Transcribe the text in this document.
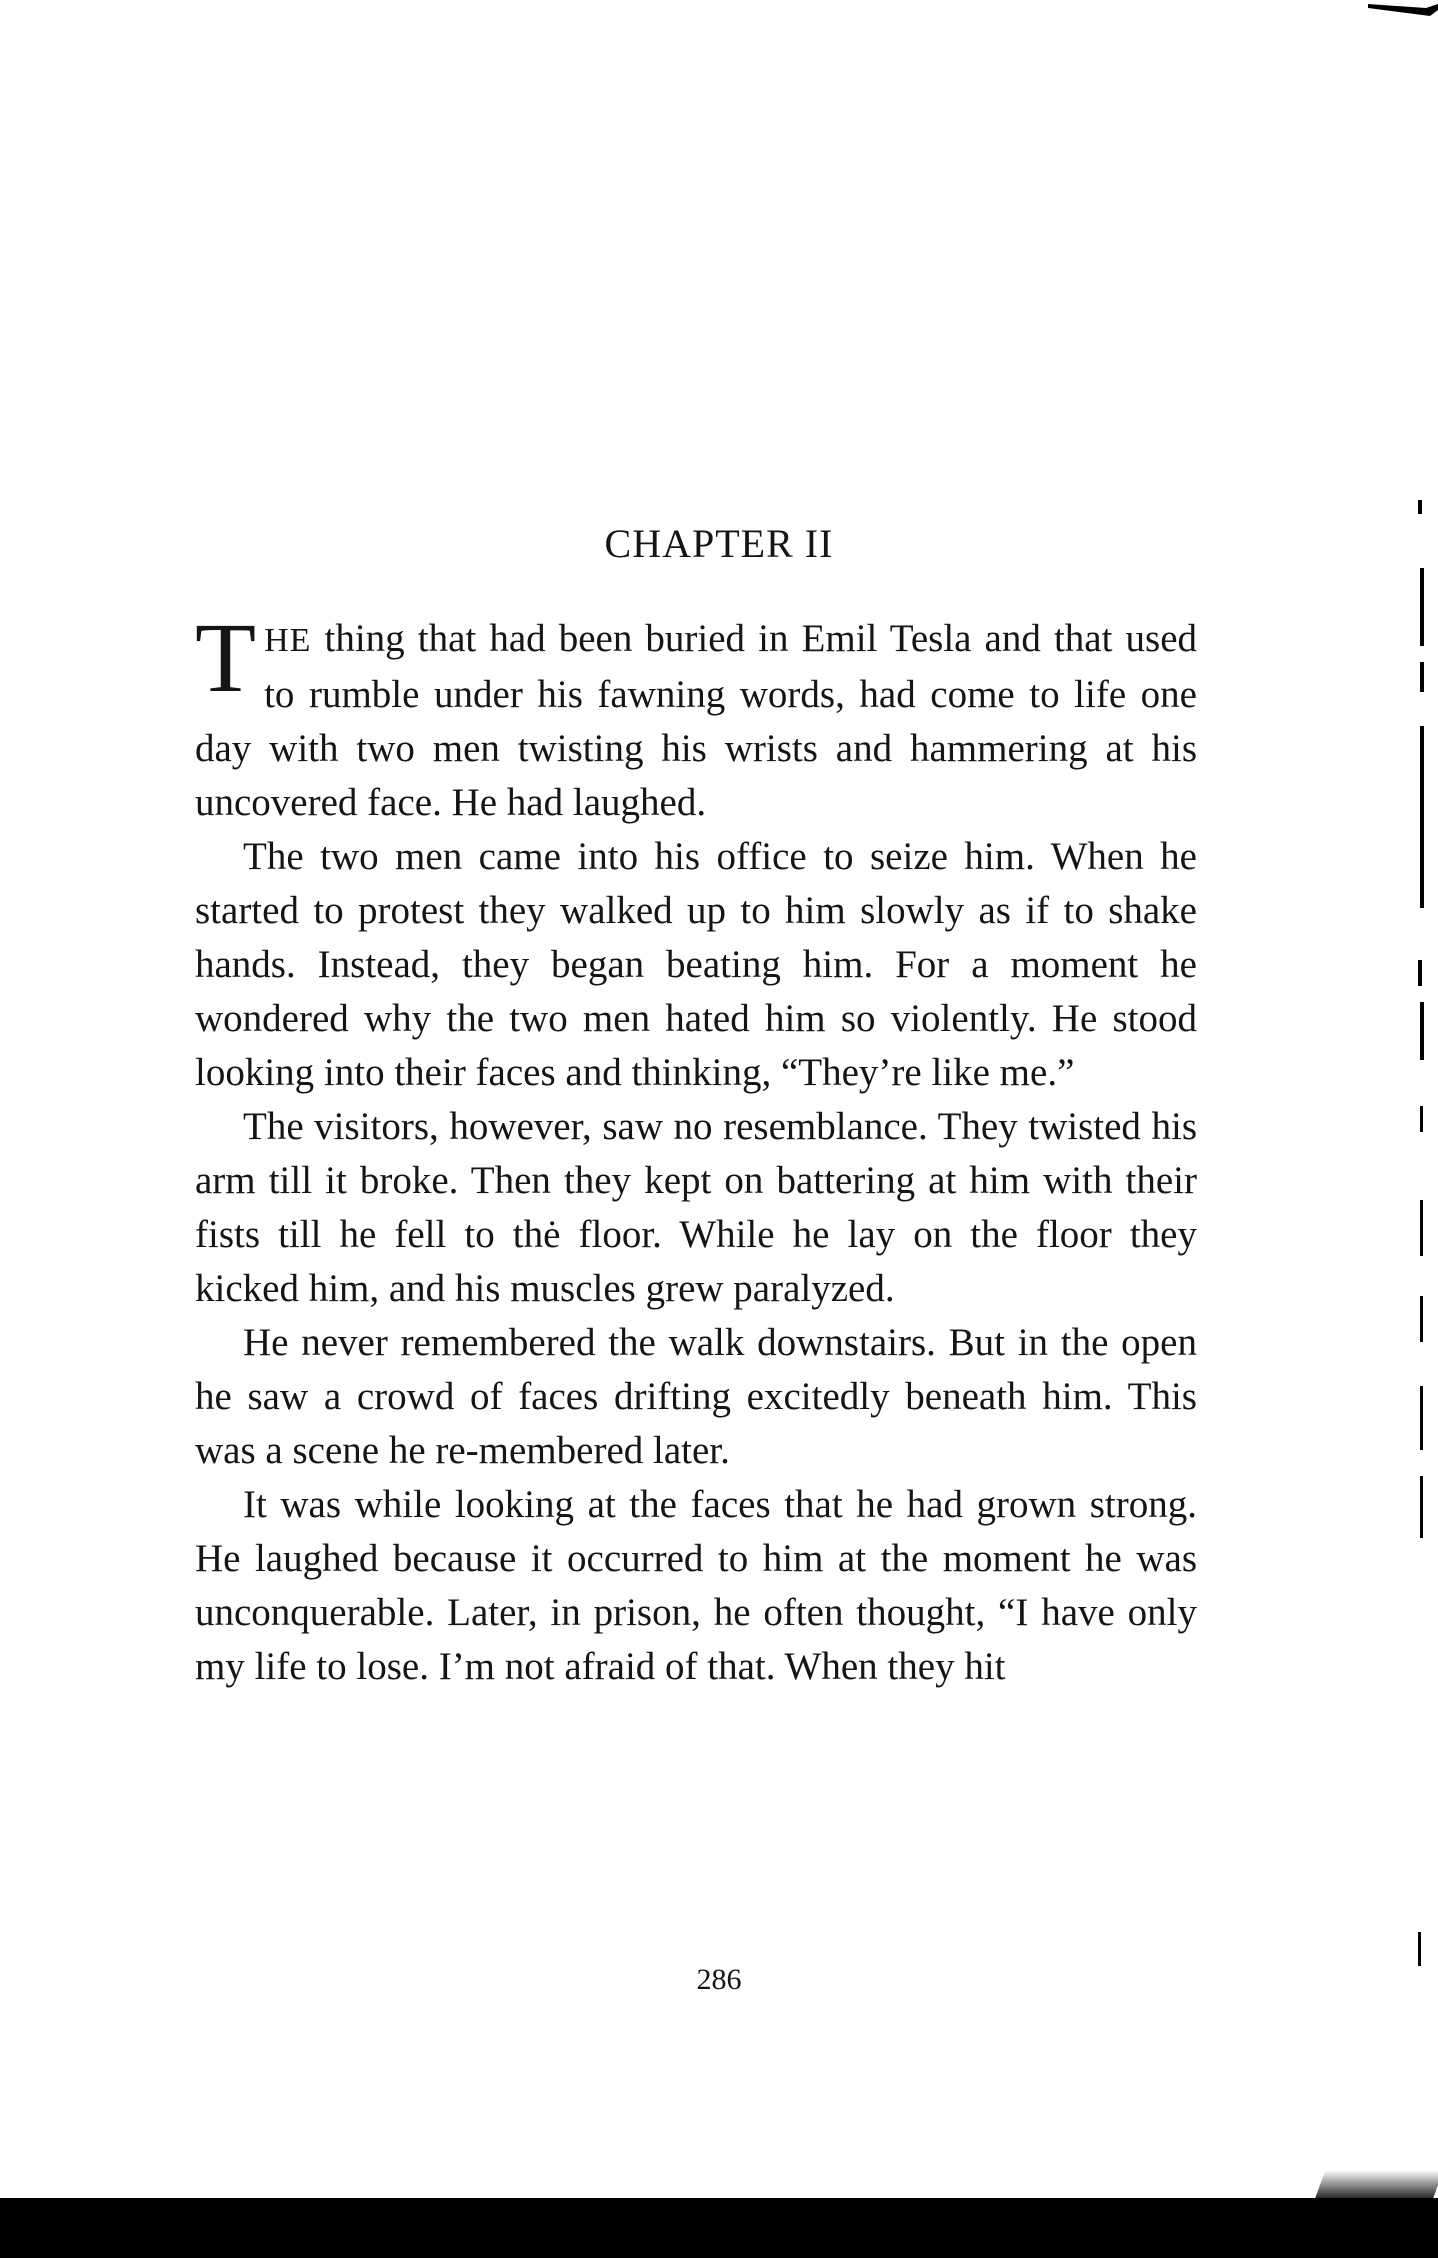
CHAPTER II

THE thing that had been buried in Emil Tesla and that used to rumble under his fawning words, had come to life one day with two men twisting his wrists and hammering at his uncovered face. He had laughed.

The two men came into his office to seize him. When he started to protest they walked up to him slowly as if to shake hands. Instead, they began beating him. For a moment he wondered why the two men hated him so violently. He stood looking into their faces and thinking, “They’re like me.”

The visitors, however, saw no resemblance. They twisted his arm till it broke. Then they kept on battering at him with their fists till he fell to thė floor. While he lay on the floor they kicked him, and his muscles grew paralyzed.

He never remembered the walk downstairs. But in the open he saw a crowd of faces drifting excitedly beneath him. This was a scene he re-membered later.

It was while looking at the faces that he had grown strong. He laughed because it occurred to him at the moment he was unconquerable. Later, in prison, he often thought, “I have only my life to lose. I’m not afraid of that. When they hit

286
